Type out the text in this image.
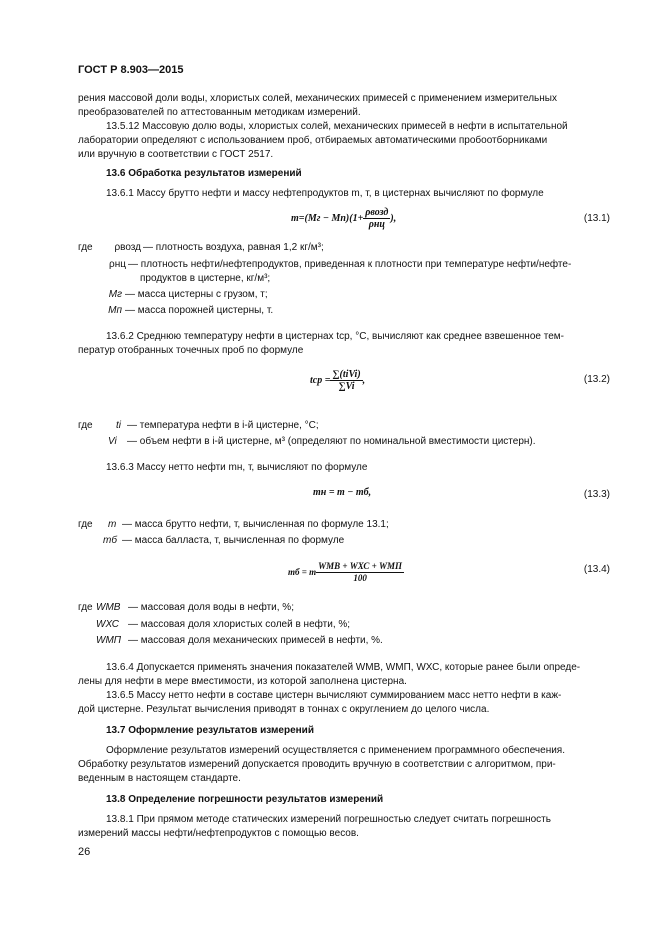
ГОСТ Р 8.903—2015
рения массовой доли воды, хлористых солей, механических примесей с применением измерительных
преобразователей по аттестованным методикам измерений.
13.5.12 Массовую долю воды, хлористых солей, механических примесей в нефти в испытательной
лаборатории определяют с использованием проб, отбираемых автоматическими пробоотборниками
или вручную в соответствии с ГОСТ 2517.
13.6 Обработка результатов измерений
13.6.1 Массу брутто нефти и массу нефтепродуктов m, т, в цистернах вычисляют по формуле
$m=(Mг - Mп)(1+ \frac{\text{ρвозд}}{\text{ρнц}}$ ),	(13.1)
где	ρвозд — плотность воздуха, равная 1,2 кг/м³;
ρнц — плотность нефти/нефтепродуктов, приведенная к плотности при температуре нефти/нефте-
продуктов в цистерне, кг/м³;
Мг — масса цистерны с грузом, т;
Мп — масса порожней цистерны, т.
13.6.2 Среднюю температуру нефти в цистернах tср, °С, вычисляют как среднее взвешенное тем-
ператур отобранных точечных проб по формуле
tср = $\frac{\text{∑(tiVi)}}{\sum Vi}$ ,	(13.2)
где ti — температура нефти в i-й цистерне, °С;
Vi — объем нефти в i-й цистерне, м³ (определяют по номинальной вместимости цистерн).
13.6.3 Массу нетто нефти mн, т, вычисляют по формуле
mн = m − mб,	(13.3)
где m — масса брутто нефти, т, вычисленная по формуле 13.1;
mб — масса балласта, т, вычисленная по формуле
mб = m $\frac{\text{WМВ + WХС + WМП}}{100}$	(13.4)
где WМВ — массовая доля воды в нефти, %;
WХС — массовая доля хлористых солей в нефти, %;
WМП — массовая доля механических примесей в нефти, %.
13.6.4 Допускается применять значения показателей WМВ, WМП, WХС, которые ранее были опреде-
лены для нефти в мере вместимости, из которой заполнена цистерна.
13.6.5 Массу нетто нефти в составе цистерн вычисляют суммированием масс нетто нефти в каж-
дой цистерне. Результат вычисления приводят в тоннах с округлением до целого числа.
13.7 Оформление результатов измерений
Оформление результатов измерений осуществляется с применением программного обеспечения.
Обработку результатов измерений допускается проводить вручную в соответствии с алгоритмом, при-
веденным в настоящем стандарте.
13.8 Определение погрешности результатов измерений
13.8.1 При прямом методе статических измерений погрешностью следует считать погрешность
измерений массы нефти/нефтепродуктов с помощью весов.
26
